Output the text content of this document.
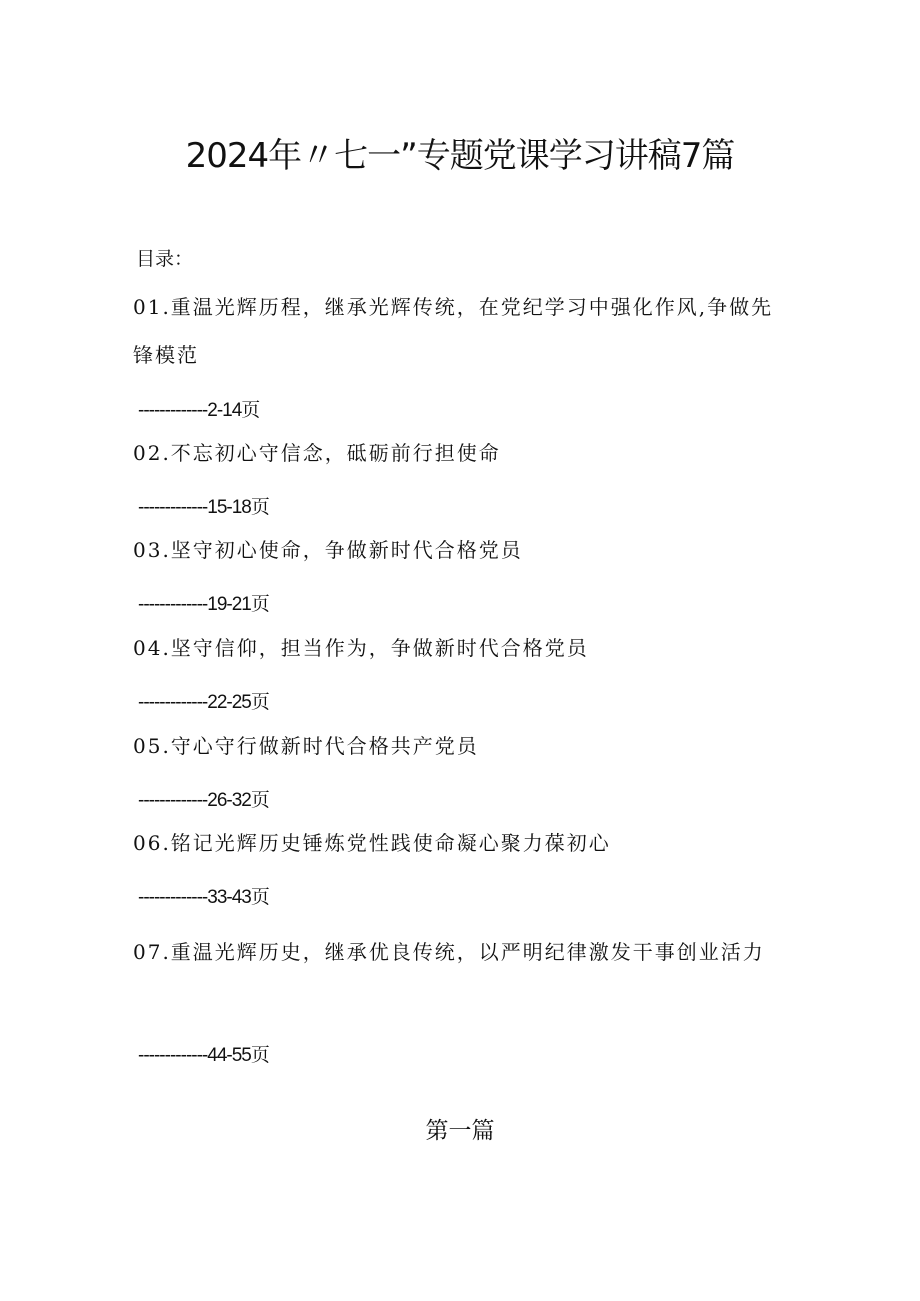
2024年〃七一”专题党课学习讲稿7篇
目录：
01.重温光辉历程，继承光辉传统，在党纪学习中强化作风,争做先锋模范
-------------2-14页
02.不忘初心守信念，砥砺前行担使命
-------------15-18页
03.坚守初心使命，争做新时代合格党员
-------------19-21页
04.坚守信仰，担当作为，争做新时代合格党员
-------------22-25页
05.守心守行做新时代合格共产党员
-------------26-32页
06.铭记光辉历史锤炼党性践使命凝心聚力葆初心
-------------33-43页
07.重温光辉历史，继承优良传统，以严明纪律激发干事创业活力
-------------44-55页
第一篇
